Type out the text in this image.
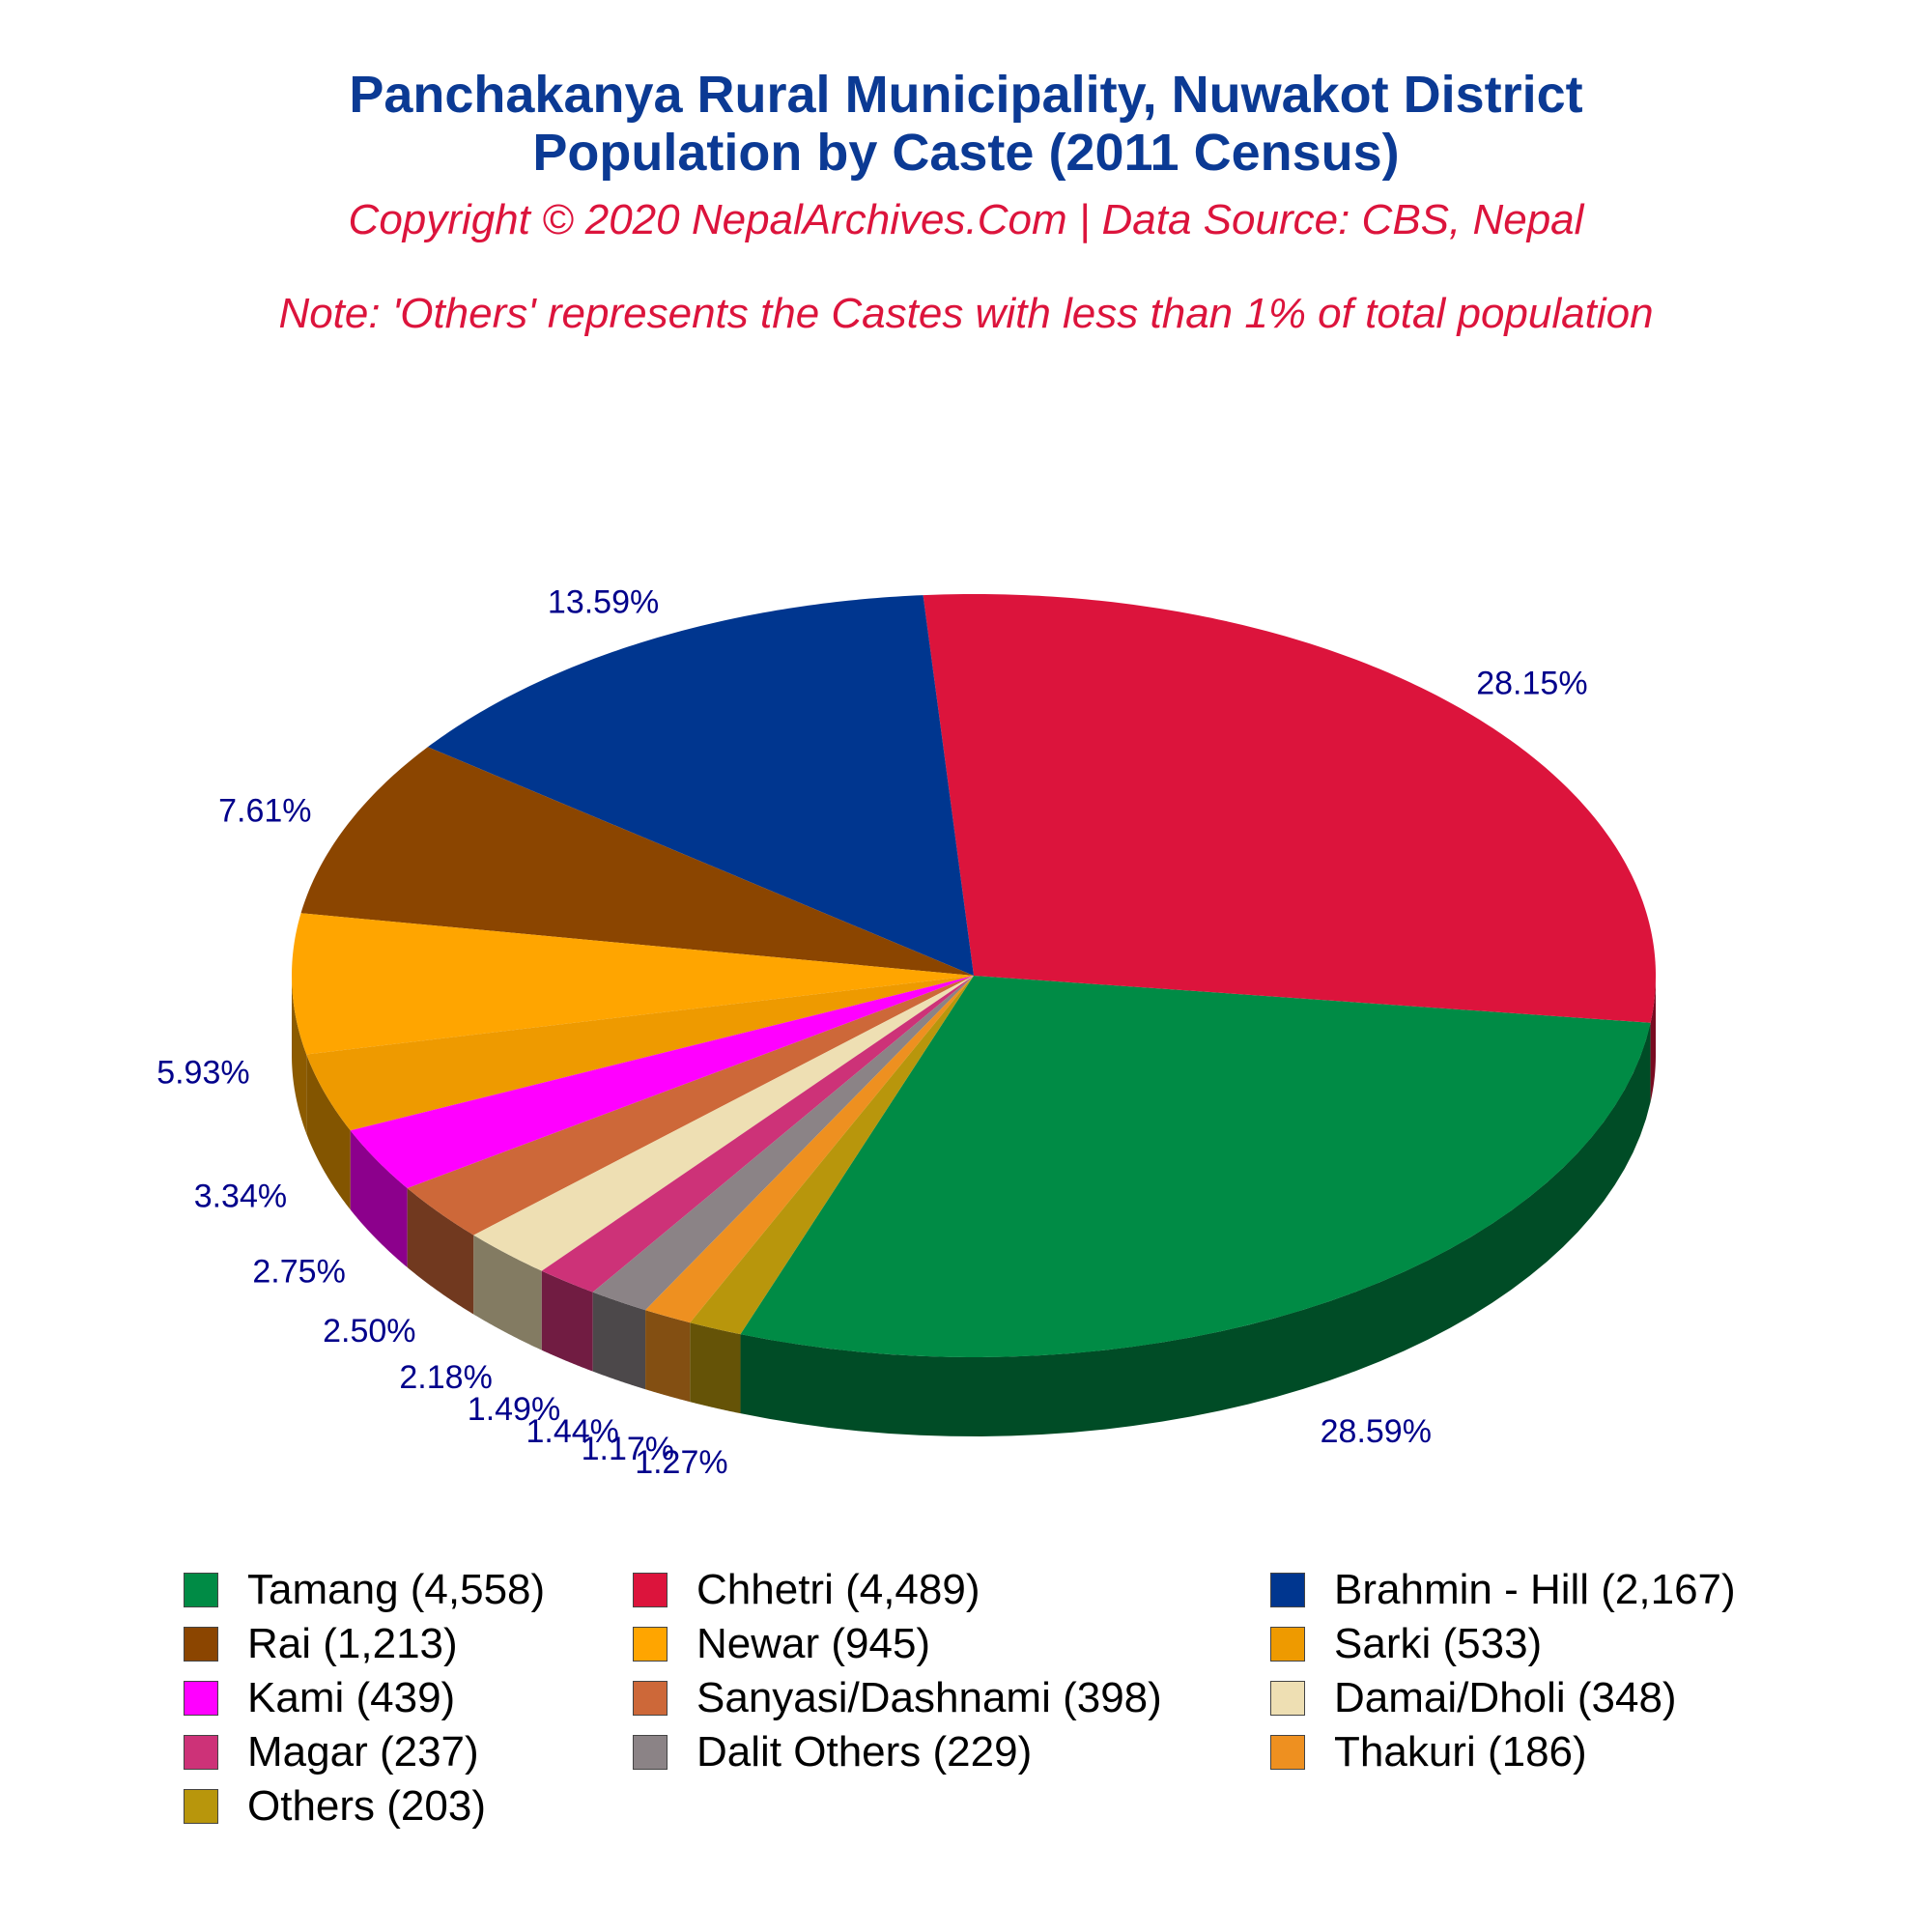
Panchakanya Rural Municipality, Nuwakot District
Population by Caste (2011 Census)
Copyright © 2020 NepalArchives.Com | Data Source: CBS, Nepal
Note: 'Others' represents the Castes with less than 1% of total population
28.59%
28.15%
13.59%
7.61%
5.93%
3.34%
2.75%
2.50%
2.18%
1.49%
1.44%
1.17%
1.27%
Tamang (4,558)	Chhetri (4,489)	Brahmin - Hill (2,167)
Rai (1,213)	Newar (945)	Sarki (533)
Kami (439)	Sanyasi/Dashnami (398)	Damai/Dholi (348)
Magar (237)	Dalit Others (229)	Thakuri (186)
Others (203)
